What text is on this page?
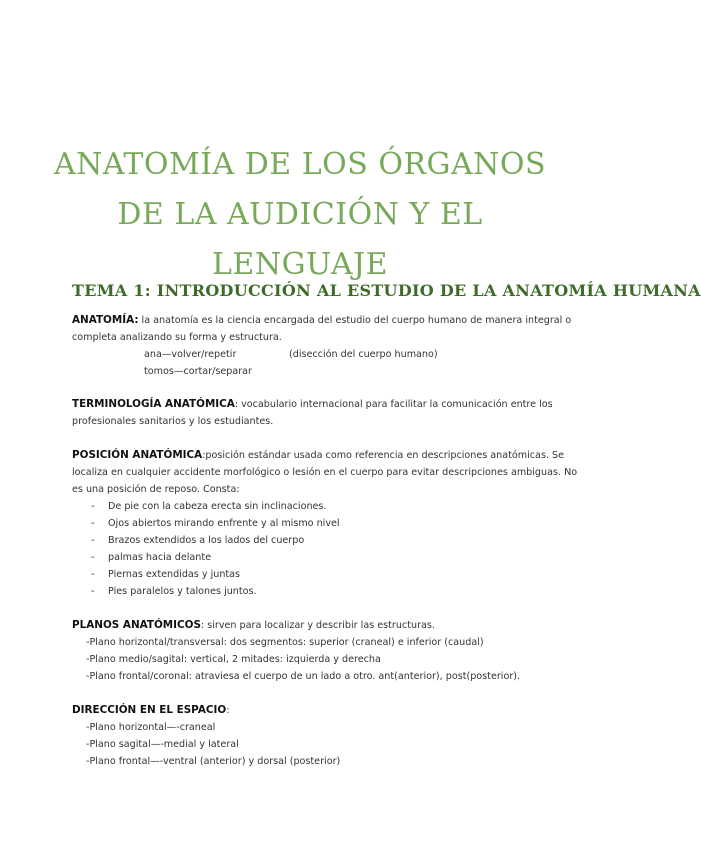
ANATOMÍA DE LOS ÓRGANOS DE LA AUDICIÓN Y EL
LENGUAJE
TEMA 1: INTRODUCCIÓN AL ESTUDIO DE LA ANATOMÍA HUMANA
ANATOMÍA: la anatomía es la ciencia encargada del estudio del cuerpo humano de manera integral o
completa analizando su forma y estructura.
ana—volver/repetir	(disección del cuerpo humano)
tomos—cortar/separar
TERMINOLOGÍA ANATÓMICA: vocabulario internacional para facilitar la comunicación entre los
profesionales sanitarios y los estudiantes.
POSICIÓN ANATÓMICA:posición estándar usada como referencia en descripciones anatómicas. Se
localiza en cualquier accidente morfológico o lesión en el cuerpo para evitar descripciones ambiguas. No
es una posición de reposo. Consta:
- De pie con la cabeza erecta sin inclinaciones.
- Ojos abiertos mirando enfrente y al mismo nivel
- Brazos extendidos a los lados del cuerpo
- palmas hacia delante
- Piernas extendidas y juntas
- Pies paralelos y talones juntos.
PLANOS ANATÓMICOS: sirven para localizar y describir las estructuras.
-Plano horizontal/transversal: dos segmentos: superior (craneal) e inferior (caudal)
-Plano medio/sagital: vertical, 2 mitades: izquierda y derecha
-Plano frontal/coronal: atraviesa el cuerpo de un lado a otro. ant(anterior), post(posterior).
DIRECCIÓN EN EL ESPACIO:
-Plano horizontal—-craneal
-Plano sagital—-medial y lateral
-Plano frontal—-ventral (anterior) y dorsal (posterior)
